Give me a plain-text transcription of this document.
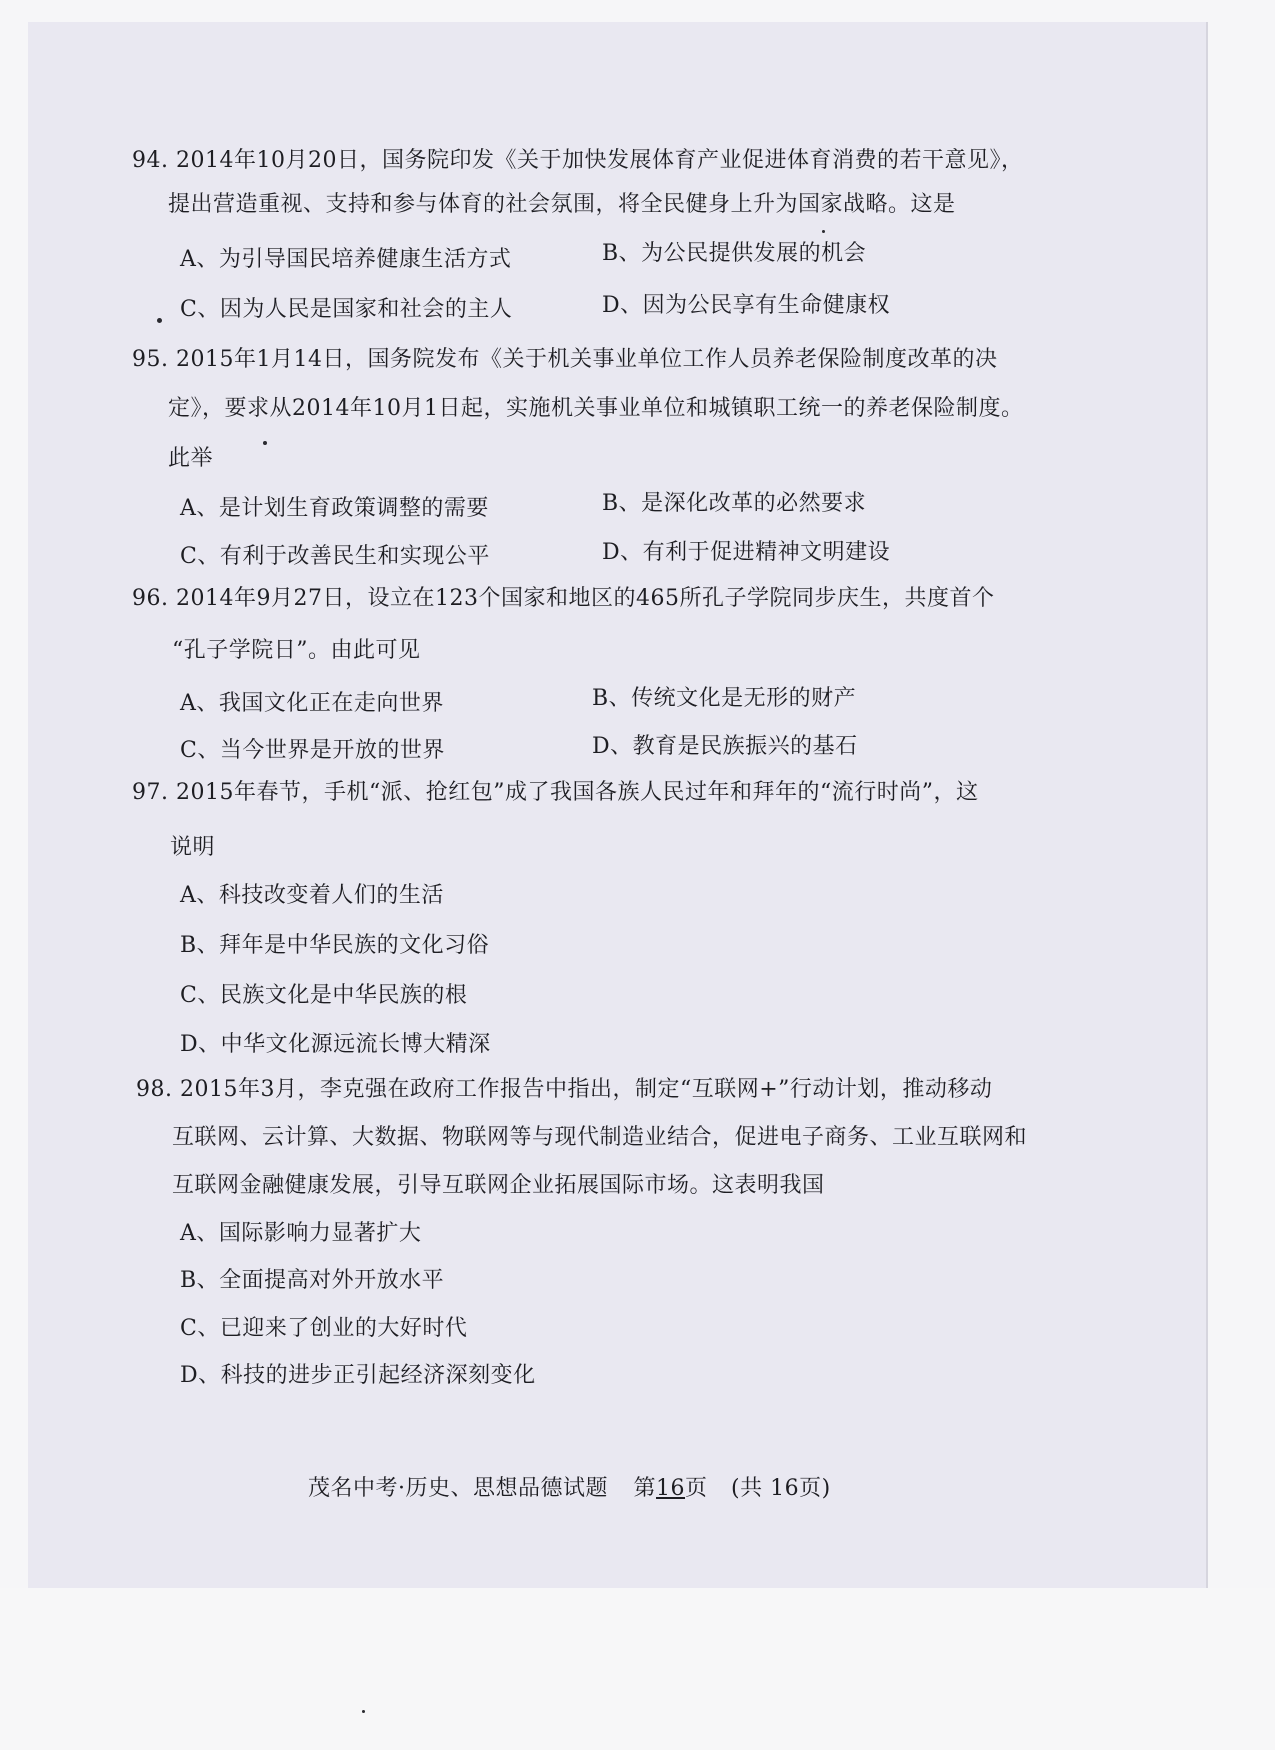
94. 2014年10月20日，国务院印发《关于加快发展体育产业促进体育消费的若干意见》，
提出营造重视、支持和参与体育的社会氛围，将全民健身上升为国家战略。这是
A、为引导国民培养健康生活方式	B、为公民提供发展的机会
C、因为人民是国家和社会的主人	D、因为公民享有生命健康权
95. 2015年1月14日，国务院发布《关于机关事业单位工作人员养老保险制度改革的决
定》，要求从2014年10月1日起，实施机关事业单位和城镇职工统一的养老保险制度。
此举
A、是计划生育政策调整的需要	B、是深化改革的必然要求
C、有利于改善民生和实现公平	D、有利于促进精神文明建设
96. 2014年9月27日，设立在123个国家和地区的465所孔子学院同步庆生，共度首个
“孔子学院日”。由此可见
A、我国文化正在走向世界	B、传统文化是无形的财产
C、当今世界是开放的世界	D、教育是民族振兴的基石
97. 2015年春节，手机“派、抢红包”成了我国各族人民过年和拜年的“流行时尚”，这
说明
A、科技改变着人们的生活
B、拜年是中华民族的文化习俗
C、民族文化是中华民族的根
D、中华文化源远流长博大精深
98. 2015年3月，李克强在政府工作报告中指出，制定“互联网+”行动计划，推动移动
互联网、云计算、大数据、物联网等与现代制造业结合，促进电子商务、工业互联网和
互联网金融健康发展，引导互联网企业拓展国际市场。这表明我国
A、国际影响力显著扩大
B、全面提高对外开放水平
C、已迎来了创业的大好时代
D、科技的进步正引起经济深刻变化
茂名中考·历史、思想品德试题 第16页 (共 16页)
